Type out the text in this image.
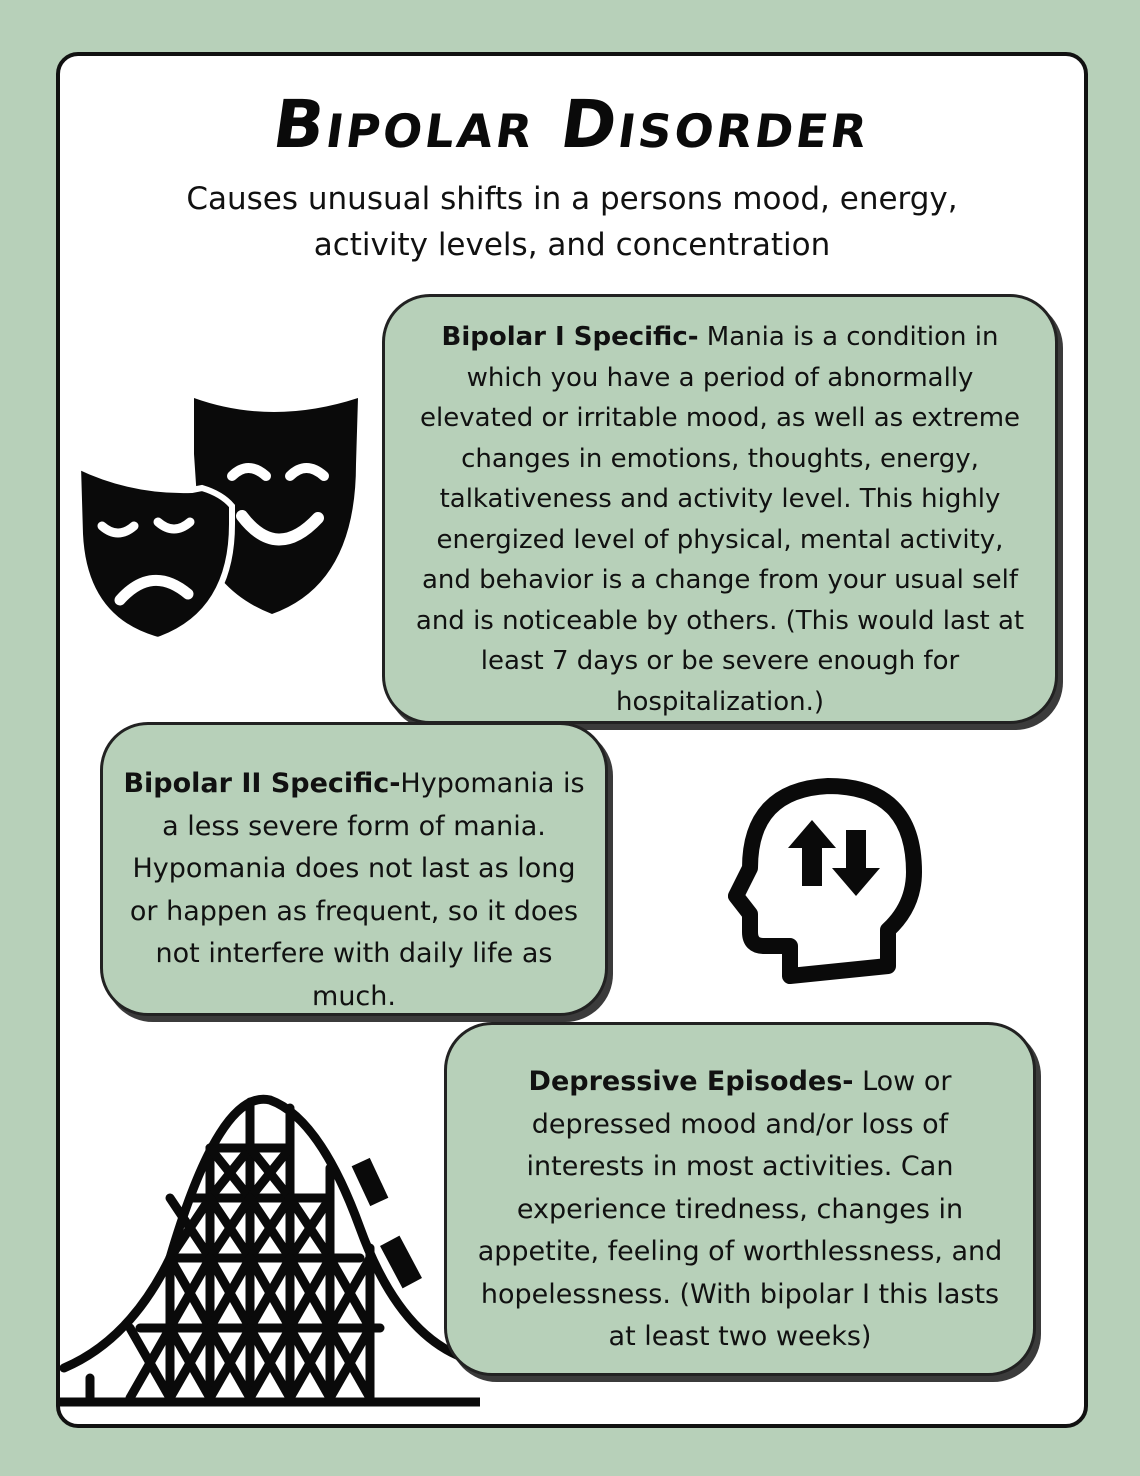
Bipolar Disorder
Causes unusual shifts in a persons mood, energy, activity levels, and concentration
Bipolar I Specific- Mania is a condition in which you have a period of abnormally elevated or irritable mood, as well as extreme changes in emotions, thoughts, energy, talkativeness and activity level. This highly energized level of physical, mental activity, and behavior is a change from your usual self and is noticeable by others. (This would last at least 7 days or be severe enough for hospitalization.)
Bipolar II Specific-Hypomania is a less severe form of mania. Hypomania does not last as long or happen as frequent, so it does not interfere with daily life as much.
Depressive Episodes- Low or depressed mood and/or loss of interests in most activities. Can experience tiredness, changes in appetite, feeling of worthlessness, and hopelessness. (With bipolar I this lasts at least two weeks)
